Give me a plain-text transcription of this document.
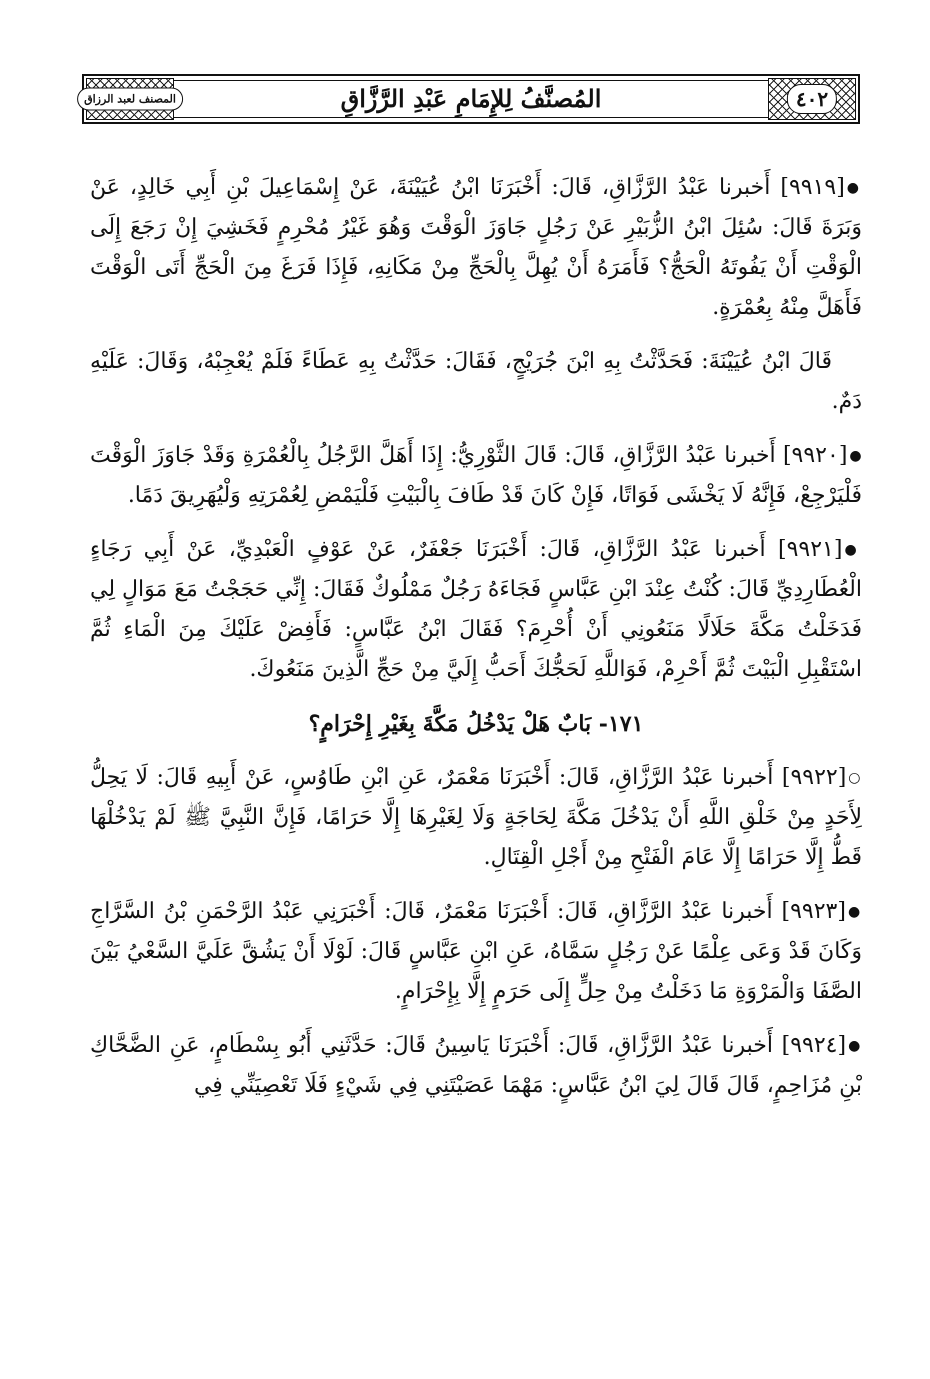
٤٠٢
المُصنَّفُ لِلإِمَامِ عَبْدِ الرَّزَّاقِ
المصنف لعبد الرزاق

●[٩٩١٩] أَخبرنا عَبْدُ الرَّزَّاقِ، قَالَ: أَخْبَرَنَا ابْنُ عُيَيْنَةَ، عَنْ إِسْمَاعِيلَ بْنِ أَبِي خَالِدٍ، عَنْ وَبَرَةَ قَالَ: سُئِلَ ابْنُ الزُّبَيْرِ عَنْ رَجُلٍ جَاوَزَ الْوَقْتَ وَهُوَ غَيْرُ مُحْرِمٍ فَخَشِيَ إِنْ رَجَعَ إِلَى الْوَقْتِ أَنْ يَفُوتَهُ الْحَجُّ؟ فَأَمَرَهُ أَنْ يُهِلَّ بِالْحَجِّ مِنْ مَكَانِهِ، فَإِذَا فَرَغَ مِنَ الْحَجِّ أَتَى الْوَقْتَ فَأَهَلَّ مِنْهُ بِعُمْرَةٍ.

قَالَ ابْنُ عُيَيْنَةَ: فَحَدَّثْتُ بِهِ ابْنَ جُرَيْجٍ، فَقَالَ: حَدَّثْتُ بِهِ عَطَاءً فَلَمْ يُعْجِبْهُ، وَقَالَ: عَلَيْهِ دَمٌ.

●[٩٩٢٠] أَخبرنا عَبْدُ الرَّزَّاقِ، قَالَ: قَالَ الثَّوْرِيُّ: إِذَا أَهَلَّ الرَّجُلُ بِالْعُمْرَةِ وَقَدْ جَاوَزَ الْوَقْتَ فَلْيَرْجِعْ، فَإِنَّهُ لَا يَخْشَى فَوَاتًا، فَإِنْ كَانَ قَدْ طَافَ بِالْبَيْتِ فَلْيَمْضِ لِعُمْرَتِهِ وَلْيُهَرِيقَ دَمًا.

●[٩٩٢١] أَخبرنا عَبْدُ الرَّزَّاقِ، قَالَ: أَخْبَرَنَا جَعْفَرٌ، عَنْ عَوْفٍ الْعَبْدِيِّ، عَنْ أَبِي رَجَاءٍ الْعُطَارِدِيِّ قَالَ: كُنْتُ عِنْدَ ابْنِ عَبَّاسٍ فَجَاءَهُ رَجُلٌ مَمْلُوكٌ فَقَالَ: إِنِّي حَجَجْتُ مَعَ مَوَالٍ لِي فَدَخَلْتُ مَكَّةَ حَلَالًا مَنَعُونِي أَنْ أُحْرِمَ؟ فَقَالَ ابْنُ عَبَّاسٍ: فَأَفِضْ عَلَيْكَ مِنَ الْمَاءِ ثُمَّ اسْتَقْبِلِ الْبَيْتَ ثُمَّ أَحْرِمْ، فَوَاللَّهِ لَحَجُّكَ أَحَبُّ إِلَيَّ مِنْ حَجِّ الَّذِينَ مَنَعُوكَ.

١٧١- بَابٌ هَلْ يَدْخُلُ مَكَّةَ بِغَيْرِ إِحْرَامٍ؟

○[٩٩٢٢] أَخبرنا عَبْدُ الرَّزَّاقِ، قَالَ: أَخْبَرَنَا مَعْمَرٌ، عَنِ ابْنِ طَاوُسٍ، عَنْ أَبِيهِ قَالَ: لَا يَحِلُّ لِأَحَدٍ مِنْ خَلْقِ اللَّهِ أَنْ يَدْخُلَ مَكَّةَ لِحَاجَةٍ وَلَا لِغَيْرِهَا إِلَّا حَرَامًا، فَإِنَّ النَّبِيَّ ﷺ لَمْ يَدْخُلْهَا قَطُّ إِلَّا حَرَامًا إِلَّا عَامَ الْفَتْحِ مِنْ أَجْلِ الْقِتَالِ.

●[٩٩٢٣] أَخبرنا عَبْدُ الرَّزَّاقِ، قَالَ: أَخْبَرَنَا مَعْمَرٌ، قَالَ: أَخْبَرَنِي عَبْدُ الرَّحْمَنِ بْنُ السَّرَّاجِ وَكَانَ قَدْ وَعَى عِلْمًا عَنْ رَجُلٍ سَمَّاهُ، عَنِ ابْنِ عَبَّاسٍ قَالَ: لَوْلَا أَنْ يَشُقَّ عَلَيَّ السَّعْيُ بَيْنَ الصَّفَا وَالْمَرْوَةِ مَا دَخَلْتُ مِنْ حِلٍّ إِلَى حَرَمٍ إِلَّا بِإِحْرَامٍ.

●[٩٩٢٤] أَخبرنا عَبْدُ الرَّزَّاقِ، قَالَ: أَخْبَرَنَا يَاسِينُ قَالَ: حَدَّثَنِي أَبُو بِسْطَامٍ، عَنِ الضَّحَّاكِ بْنِ مُزَاحِمٍ، قَالَ قَالَ لِيَ ابْنُ عَبَّاسٍ: مَهْمَا عَصَيْتَنِي فِي شَيْءٍ فَلَا تَعْصِيَنِّي فِي
